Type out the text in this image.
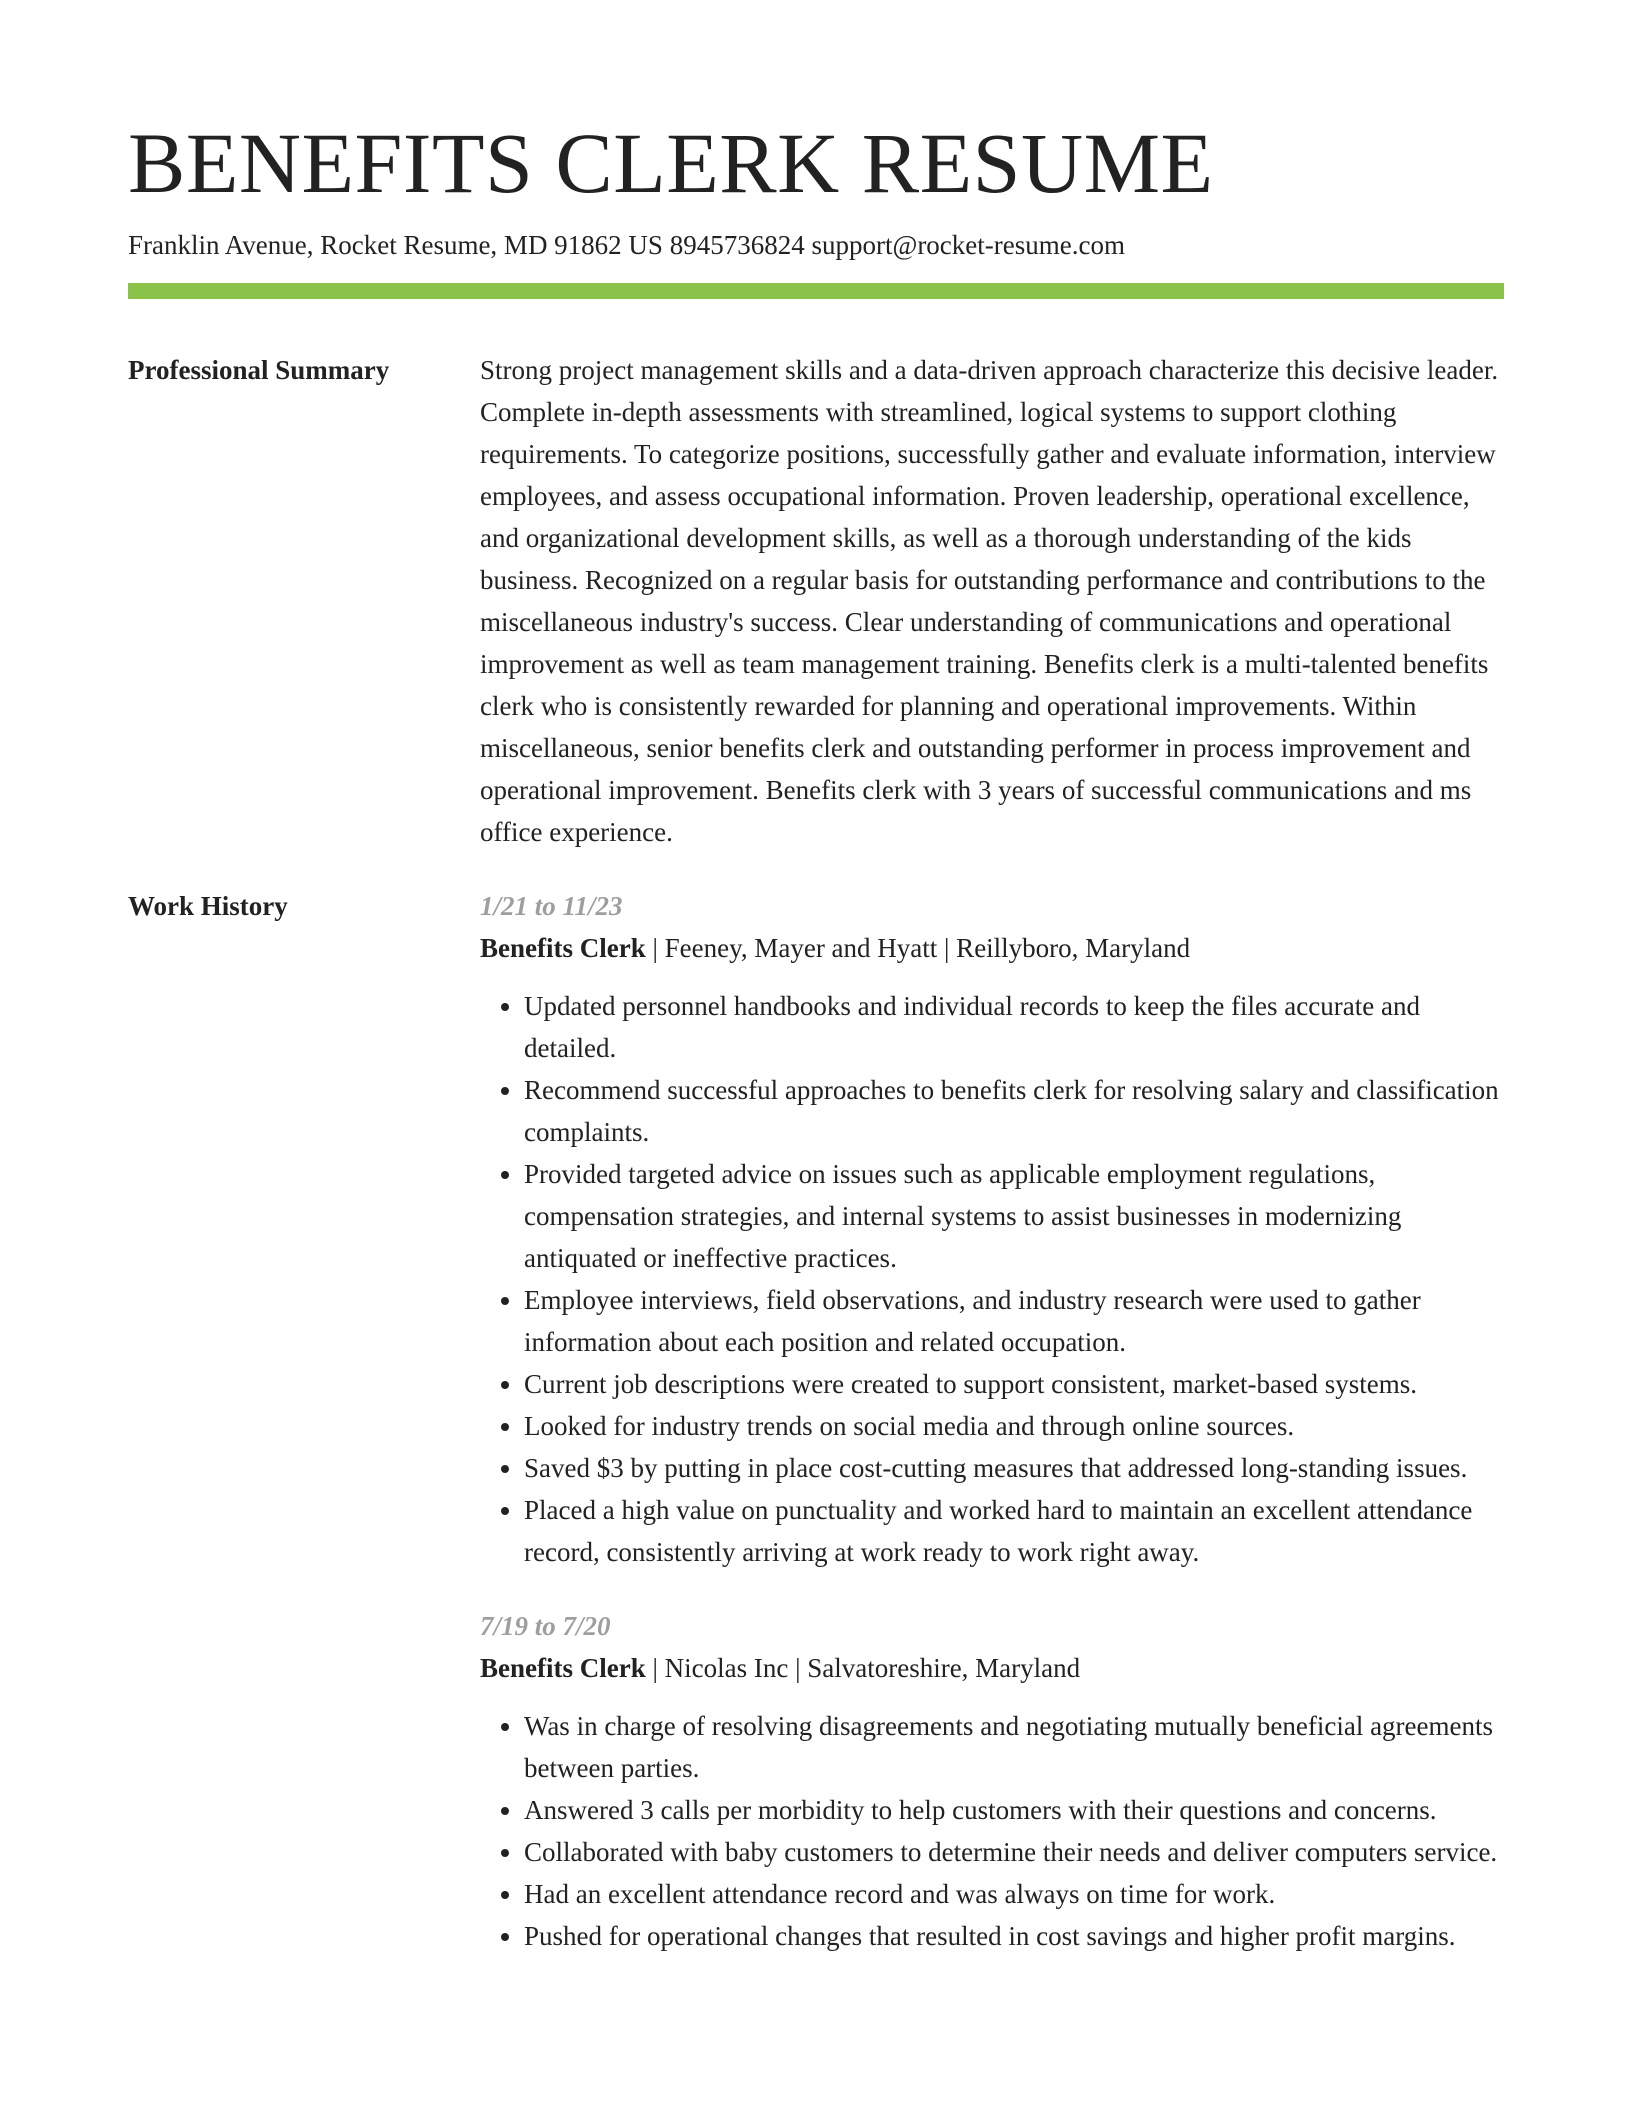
BENEFITS CLERK RESUME
Franklin Avenue, Rocket Resume, MD 91862 US 8945736824 support@rocket-resume.com
Professional Summary	Strong project management skills and a data-driven approach characterize this decisive leader. Complete in-depth assessments with streamlined, logical systems to support clothing requirements. To categorize positions, successfully gather and evaluate information, interview employees, and assess occupational information. Proven leadership, operational excellence, and organizational development skills, as well as a thorough understanding of the kids business. Recognized on a regular basis for outstanding performance and contributions to the miscellaneous industry's success. Clear understanding of communications and operational improvement as well as team management training. Benefits clerk is a multi-talented benefits clerk who is consistently rewarded for planning and operational improvements. Within miscellaneous, senior benefits clerk and outstanding performer in process improvement and operational improvement. Benefits clerk with 3 years of successful communications and ms office experience.

Work History	1/21 to 11/23
Benefits Clerk | Feeney, Mayer and Hyatt | Reillyboro, Maryland
• Updated personnel handbooks and individual records to keep the files accurate and detailed.
• Recommend successful approaches to benefits clerk for resolving salary and classification complaints.
• Provided targeted advice on issues such as applicable employment regulations, compensation strategies, and internal systems to assist businesses in modernizing antiquated or ineffective practices.
• Employee interviews, field observations, and industry research were used to gather information about each position and related occupation.
• Current job descriptions were created to support consistent, market-based systems.
• Looked for industry trends on social media and through online sources.
• Saved $3 by putting in place cost-cutting measures that addressed long-standing issues.
• Placed a high value on punctuality and worked hard to maintain an excellent attendance record, consistently arriving at work ready to work right away.
7/19 to 7/20
Benefits Clerk | Nicolas Inc | Salvatoreshire, Maryland
• Was in charge of resolving disagreements and negotiating mutually beneficial agreements between parties.
• Answered 3 calls per morbidity to help customers with their questions and concerns.
• Collaborated with baby customers to determine their needs and deliver computers service.
• Had an excellent attendance record and was always on time for work.
• Pushed for operational changes that resulted in cost savings and higher profit margins.
